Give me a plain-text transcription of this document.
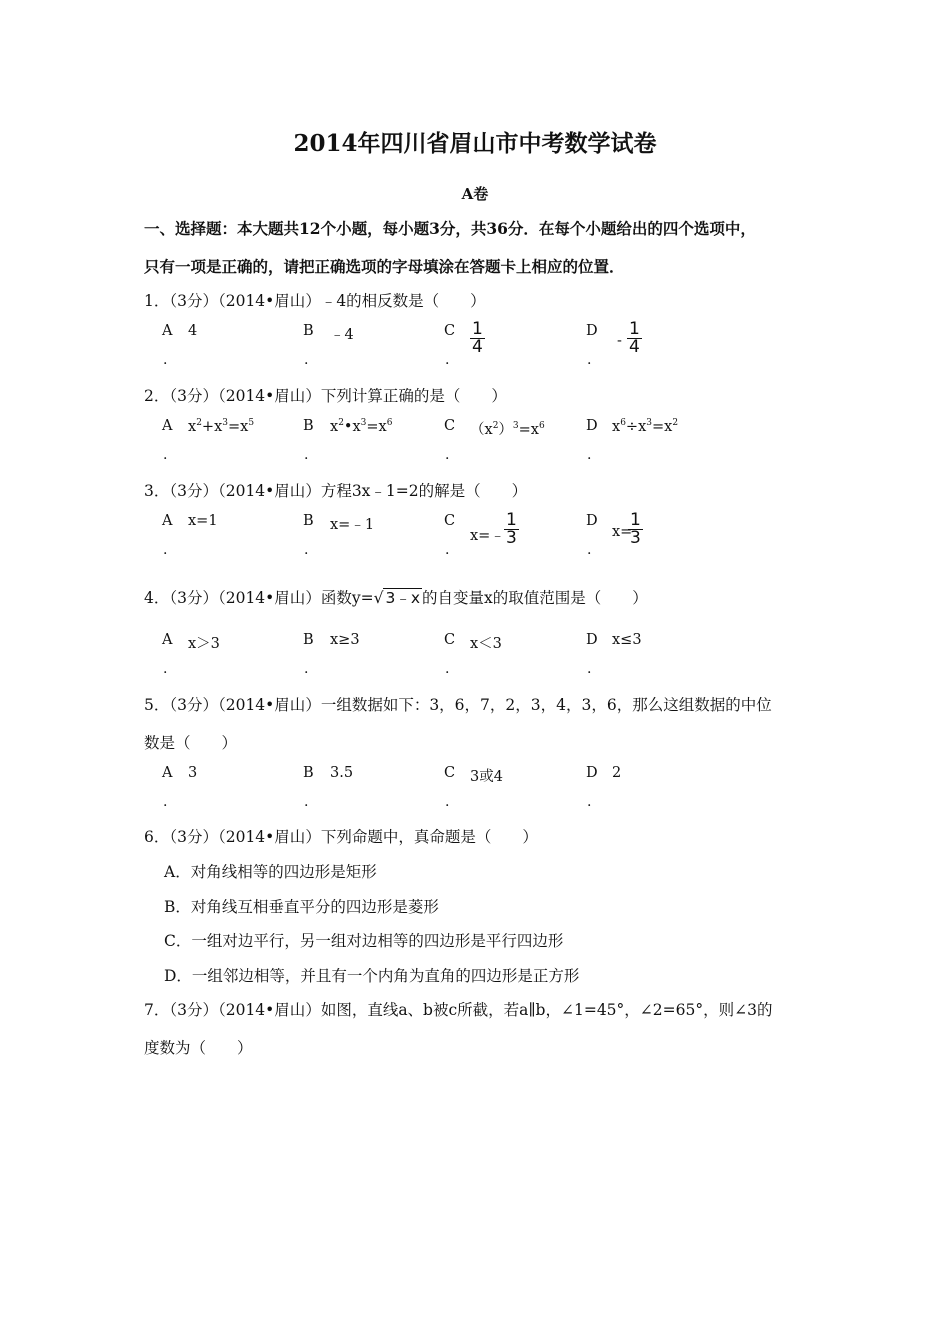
2014年四川省眉山市中考数学试卷
A卷
一、选择题：本大题共12个小题，每小题3分，共36分．在每个小题给出的四个选项中，
只有一项是正确的，请把正确选项的字母填涂在答题卡上相应的位置．
1．（3分）（2014•眉山）﹣4的相反数是（　　）
A 4
.
B ﹣4
.
C $\frac{1}{4}$
.
D
- $\frac{1}{4}$
.
2．（3分）（2014•眉山）下列计算正确的是（　　）
A $x^2+x^3=x^5$
.
B $x^2•x^3=x^6$
.
C $(x^2)^3=x^6$
.
D $x^6\div x^3=x^2$
.
3．（3分）（2014•眉山）方程3x﹣1=2的解是（　　）
A x=1
.
B x=﹣1
.
C
x=﹣ $\frac{1}{3}$
.
D
x=
$\frac{1}{3}$
.
4．（3分）（2014•眉山）函数y=√ 3﹣x 的自变量x的取值范围是（　　）
A x＞3
.
B x≥3
.
C x＜3
.
D x≤3
.
5．（3分）（2014•眉山）一组数据如下：3，6，7，2，3，4，3，6，那么这组数据的中位
数是（　　）
A 3
.
B 3.5
.
C 3或4
.
D 2
.
6．（3分）（2014•眉山）下列命题中，真命题是（　　）
A．对角线相等的四边形是矩形
B．对角线互相垂直平分的四边形是菱形
C．一组对边平行，另一组对边相等的四边形是平行四边形
D．一组邻边相等，并且有一个内角为直角的四边形是正方形
7．（3分）（2014•眉山）如图，直线a、b被c所截，若a∥b，∠1=45°，∠2=65°，则∠3的
度数为（　　）
